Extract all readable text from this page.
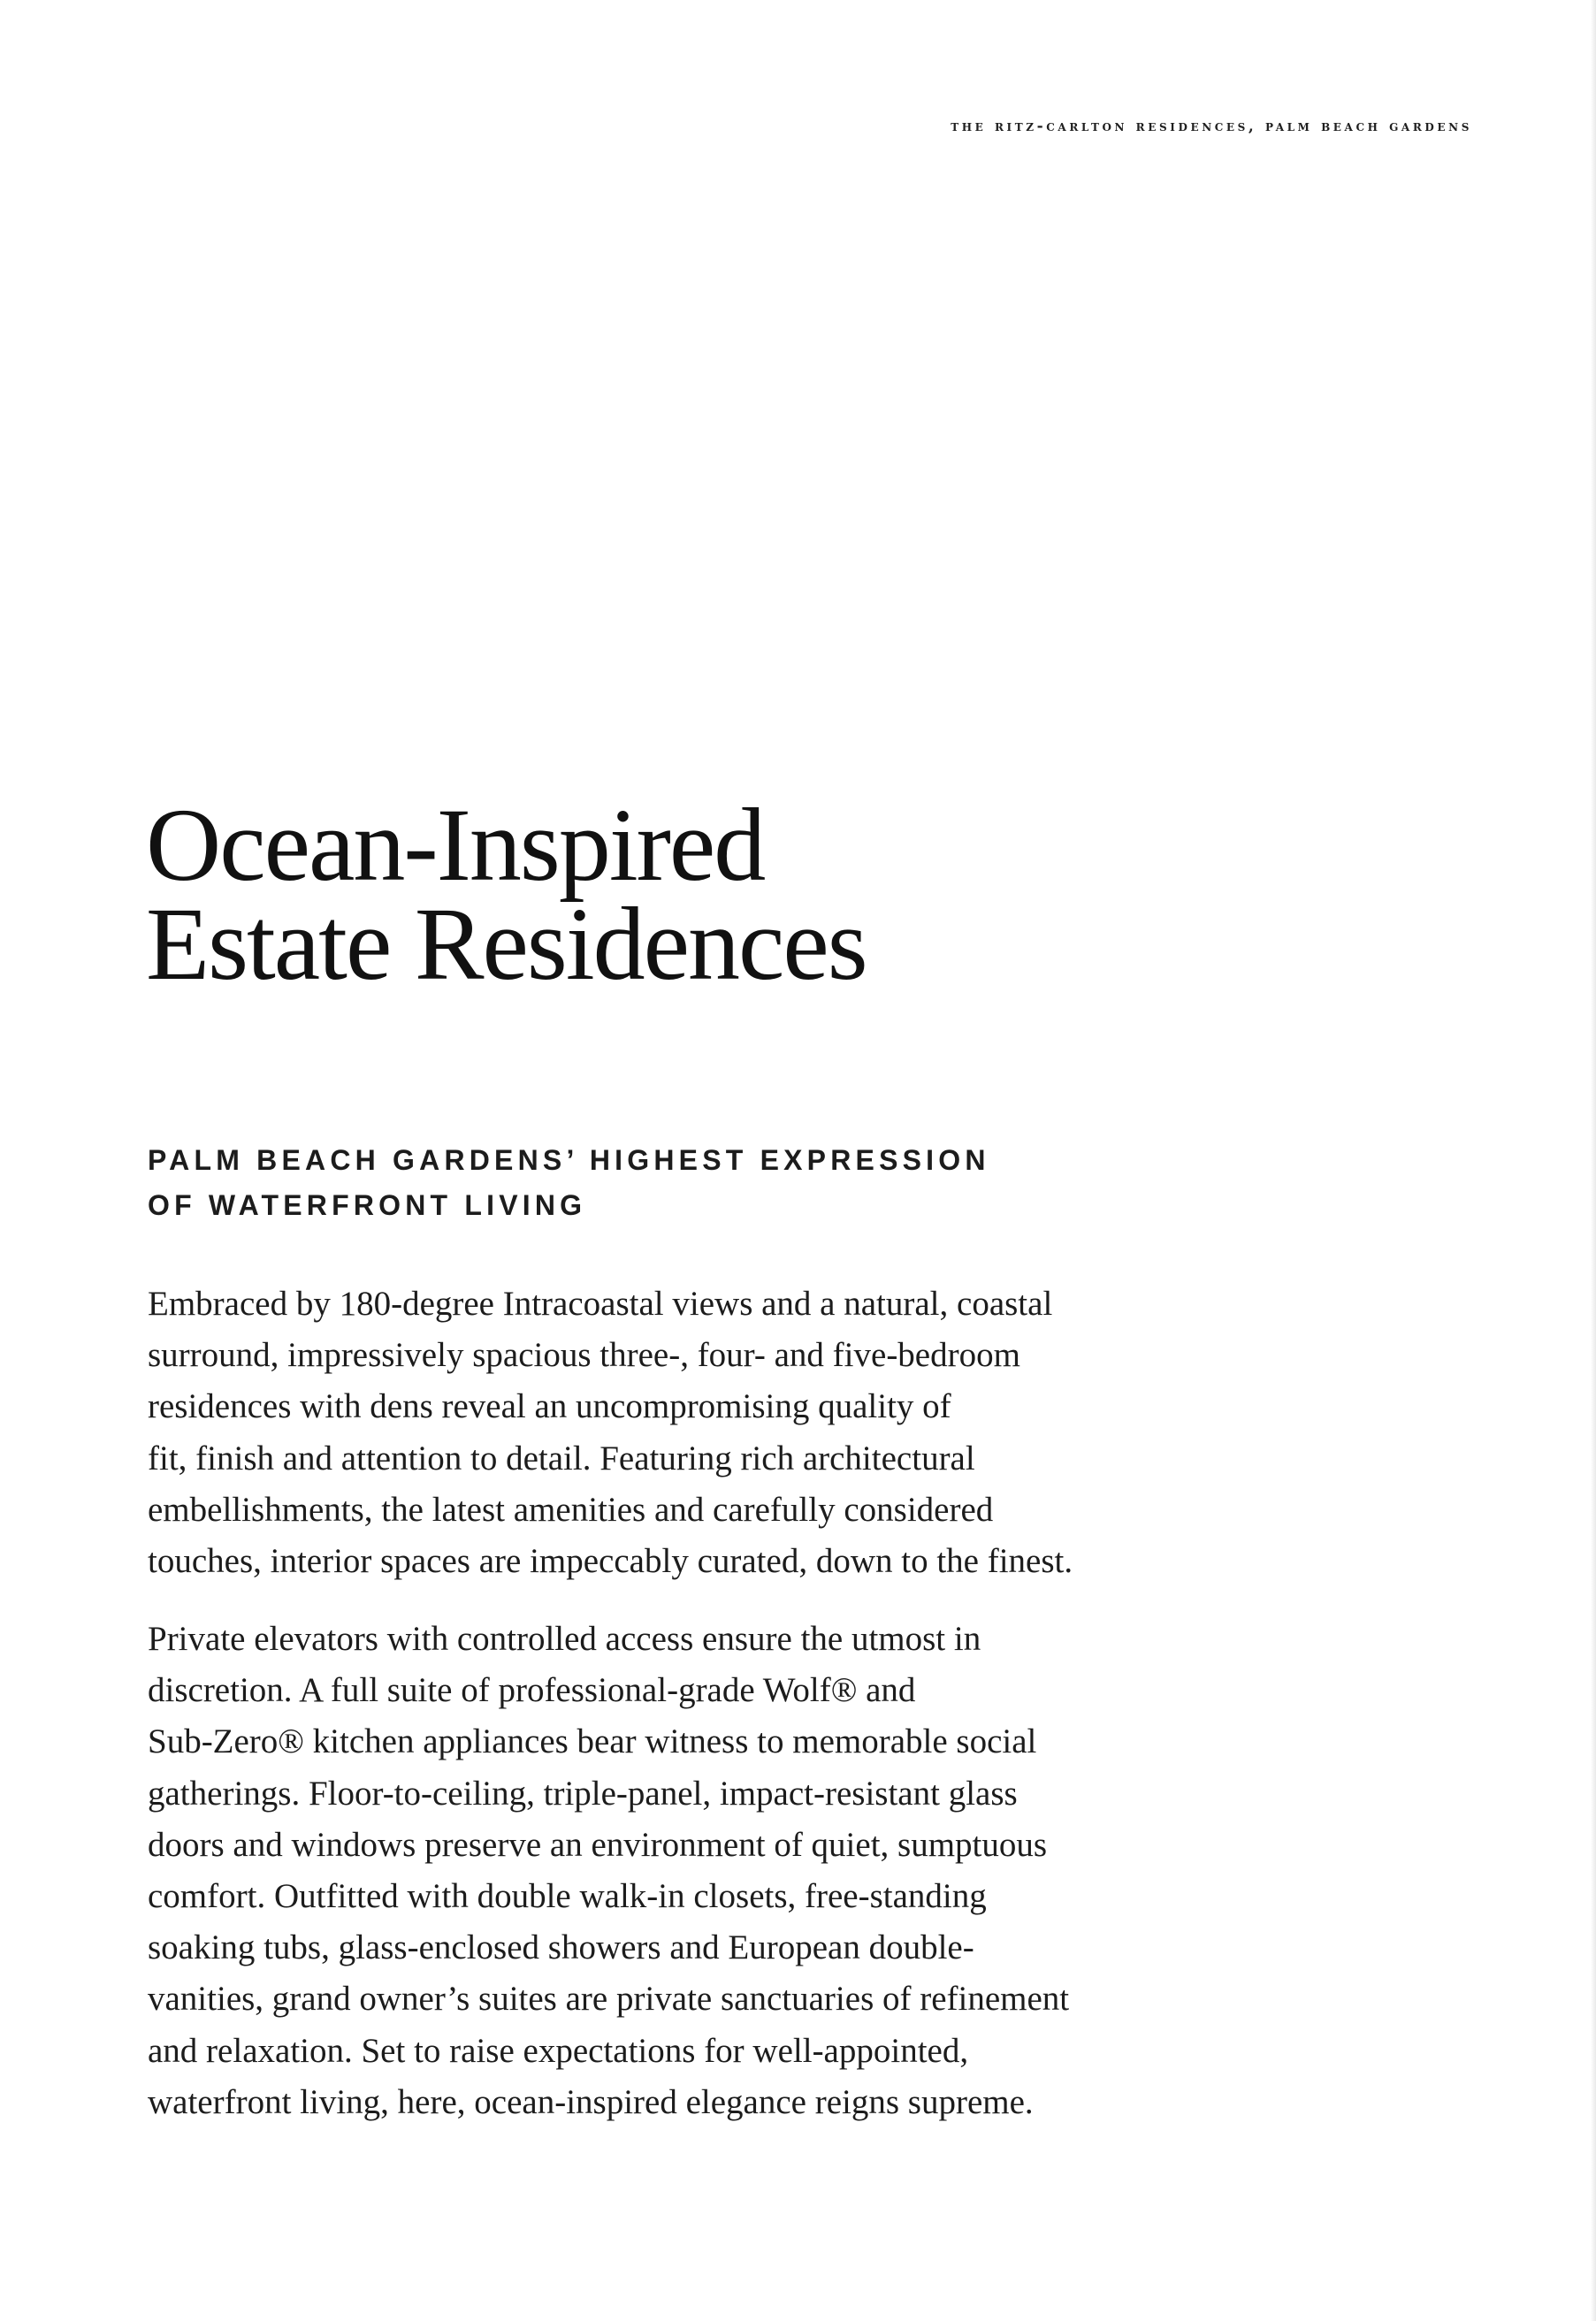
the ritz-carlton residences, palm beach gardens
Ocean-Inspired
Estate Residences
PALM BEACH GARDENS’ HIGHEST EXPRESSION
OF WATERFRONT LIVING
Embraced by 180-degree Intracoastal views and a natural, coastal
surround, impressively spacious three-, four- and five-bedroom
residences with dens reveal an uncompromising quality of
fit, finish and attention to detail. Featuring rich architectural
embellishments, the latest amenities and carefully considered
touches, interior spaces are impeccably curated, down to the finest.
Private elevators with controlled access ensure the utmost in
discretion. A full suite of professional-grade Wolf® and
Sub-Zero® kitchen appliances bear witness to memorable social
gatherings. Floor-to-ceiling, triple-panel, impact-resistant glass
doors and windows preserve an environment of quiet, sumptuous
comfort. Outfitted with double walk-in closets, free-standing
soaking tubs, glass-enclosed showers and European double-
vanities, grand owner’s suites are private sanctuaries of refinement
and relaxation. Set to raise expectations for well-appointed,
waterfront living, here, ocean-inspired elegance reigns supreme.
